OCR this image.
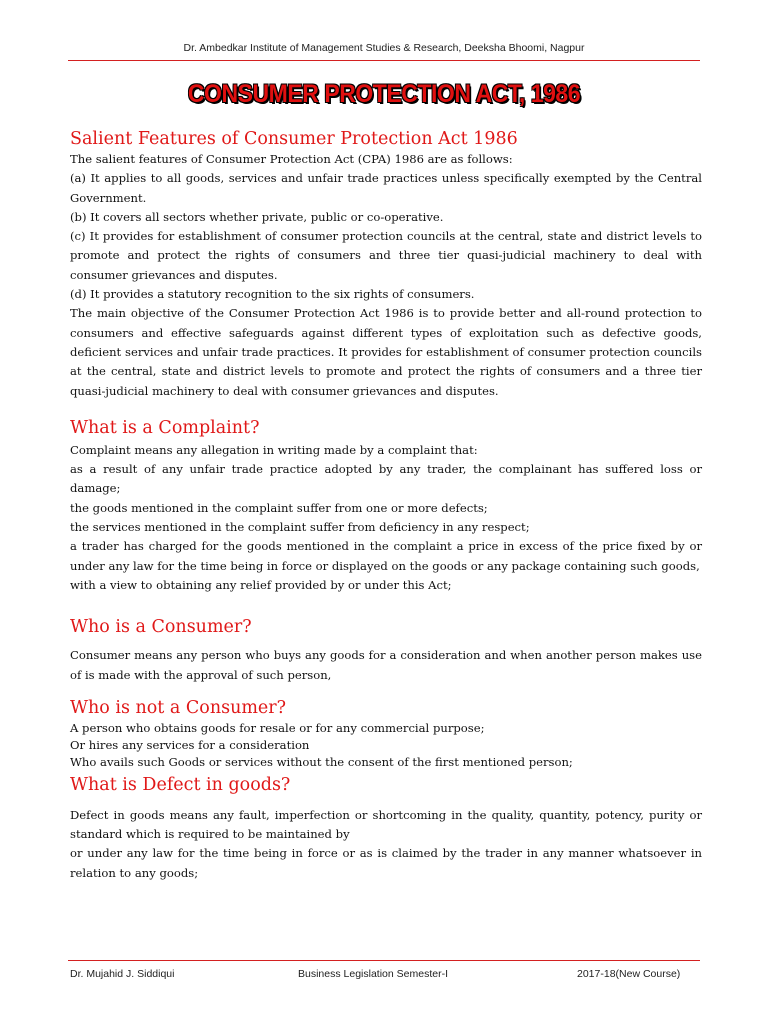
Dr. Ambedkar Institute of Management Studies & Research, Deeksha Bhoomi, Nagpur
CONSUMER PROTECTION ACT, 1986
Salient Features of Consumer Protection Act 1986

The salient features of Consumer Protection Act (CPA) 1986 are as follows:

(a) It applies to all goods, services and unfair trade practices unless specifically exempted by the Central Government.

(b) It covers all sectors whether private, public or co-operative.

(c) It provides for establishment of consumer protection councils at the central, state and district levels to promote and protect the rights of consumers and three tier quasi-judicial machinery to deal with consumer grievances and disputes.

(d) It provides a statutory recognition to the six rights of consumers.

The main objective of the Consumer Protection Act 1986 is to provide better and all-round protection to consumers and effective safeguards against different types of exploitation such as defective goods, deficient services and unfair trade practices. It provides for establishment of consumer protection councils at the central, state and district levels to promote and protect the rights of consumers and a three tier quasi-judicial machinery to deal with consumer grievances and disputes.

What is a Complaint?

Complaint means any allegation in writing made by a complaint that:

as a result of any unfair trade practice adopted by any trader, the complainant has suffered loss or damage;

the goods mentioned in the complaint suffer from one or more defects;

the services mentioned in the complaint suffer from deficiency in any respect;

a trader has charged for the goods mentioned in the complaint a price in excess of the price fixed by or under any law for the time being in force or displayed on the goods or any package containing such goods,

with a view to obtaining any relief provided by or under this Act;

Who is a Consumer?

Consumer means any person who buys any goods for a consideration and when another person makes use of is made with the approval of such person,

Who is not a Consumer?

A person who obtains goods for resale or for any commercial purpose;

Or hires any services for a consideration

Who avails such Goods or services without the consent of the first mentioned person;

What is Defect in goods?

Defect in goods means any fault, imperfection or shortcoming in the quality, quantity, potency, purity or standard which is required to be maintained by

or under any law for the time being in force or as is claimed by the trader in any manner whatsoever in relation to any goods;

Dr. Mujahid J. Siddiqui	Business Legislation Semester-I	2017-18(New Course)
